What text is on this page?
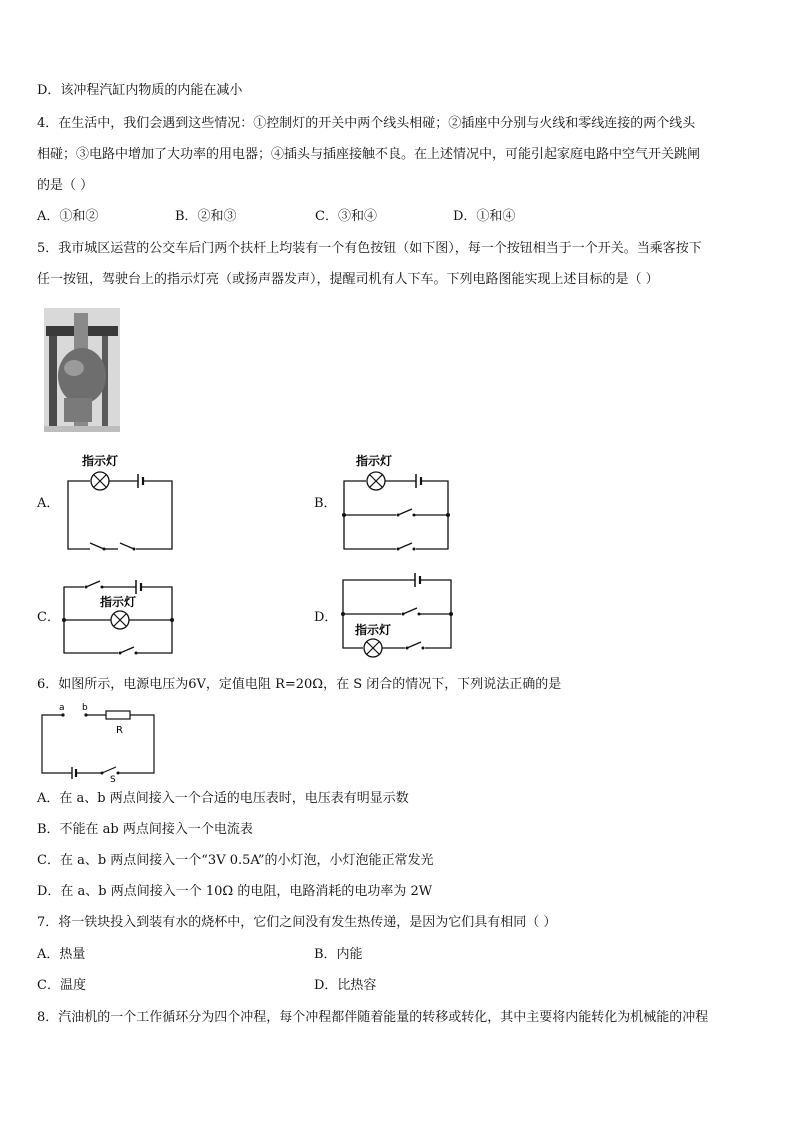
D．该冲程汽缸内物质的内能在减小
4．在生活中，我们会遇到这些情况：①控制灯的开关中两个线头相碰；②插座中分别与火线和零线连接的两个线头
相碰；③电路中增加了大功率的用电器；④插头与插座接触不良。在上述情况中，可能引起家庭电路中空气开关跳闸
的是（ ）
A．①和②	B．②和③	C．③和④	D．①和④
5．我市城区运营的公交车后门两个扶杆上均装有一个有色按钮（如下图），每一个按钮相当于一个开关。当乘客按下
任一按钮，驾驶台上的指示灯亮（或扬声器发声），提醒司机有人下车。下列电路图能实现上述目标的是（ ）
A．	B．
C．	D．
指示灯	指示灯
指示灯
指示灯
6．如图所示，电源电压为6V，定值电阻 R=20Ω，在 S 闭合的情况下，下列说法正确的是
a b
R
S
A．在 a、b 两点间接入一个合适的电压表时，电压表有明显示数
B．不能在 ab 两点间接入一个电流表
C．在 a、b 两点间接入一个“3V 0.5A”的小灯泡，小灯泡能正常发光
D．在 a、b 两点间接入一个 10Ω 的电阻，电路消耗的电功率为 2W
7．将一铁块投入到装有水的烧杯中，它们之间没有发生热传递，是因为它们具有相同（ ）
A．热量	B．内能
C．温度	D．比热容
8．汽油机的一个工作循环分为四个冲程，每个冲程都伴随着能量的转移或转化，其中主要将内能转化为机械能的冲程
